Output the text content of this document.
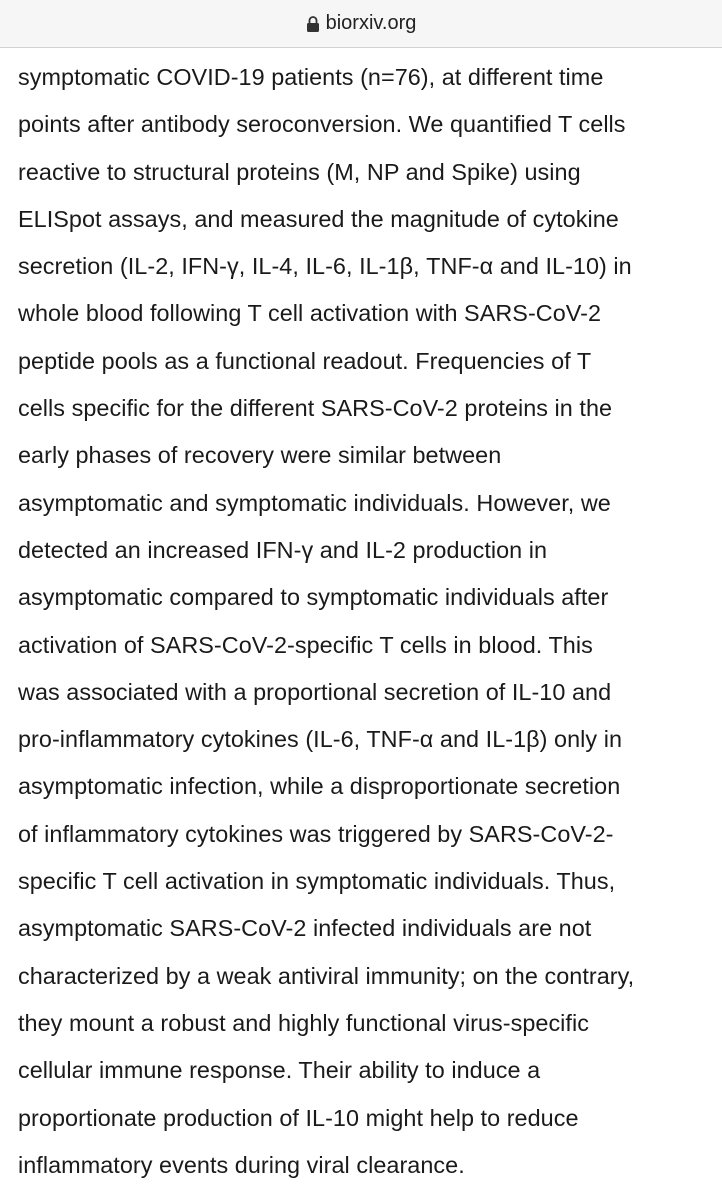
biorxiv.org
symptomatic COVID-19 patients (n=76), at different time
points after antibody seroconversion. We quantified T cells
reactive to structural proteins (M, NP and Spike) using
ELISpot assays, and measured the magnitude of cytokine
secretion (IL-2, IFN-γ, IL-4, IL-6, IL-1β, TNF-α and IL-10) in
whole blood following T cell activation with SARS-CoV-2
peptide pools as a functional readout. Frequencies of T
cells specific for the different SARS-CoV-2 proteins in the
early phases of recovery were similar between
asymptomatic and symptomatic individuals. However, we
detected an increased IFN-γ and IL-2 production in
asymptomatic compared to symptomatic individuals after
activation of SARS-CoV-2-specific T cells in blood. This
was associated with a proportional secretion of IL-10 and
pro-inflammatory cytokines (IL-6, TNF-α and IL-1β) only in
asymptomatic infection, while a disproportionate secretion
of inflammatory cytokines was triggered by SARS-CoV-2-
specific T cell activation in symptomatic individuals. Thus,
asymptomatic SARS-CoV-2 infected individuals are not
characterized by a weak antiviral immunity; on the contrary,
they mount a robust and highly functional virus-specific
cellular immune response. Their ability to induce a
proportionate production of IL-10 might help to reduce
inflammatory events during viral clearance.
